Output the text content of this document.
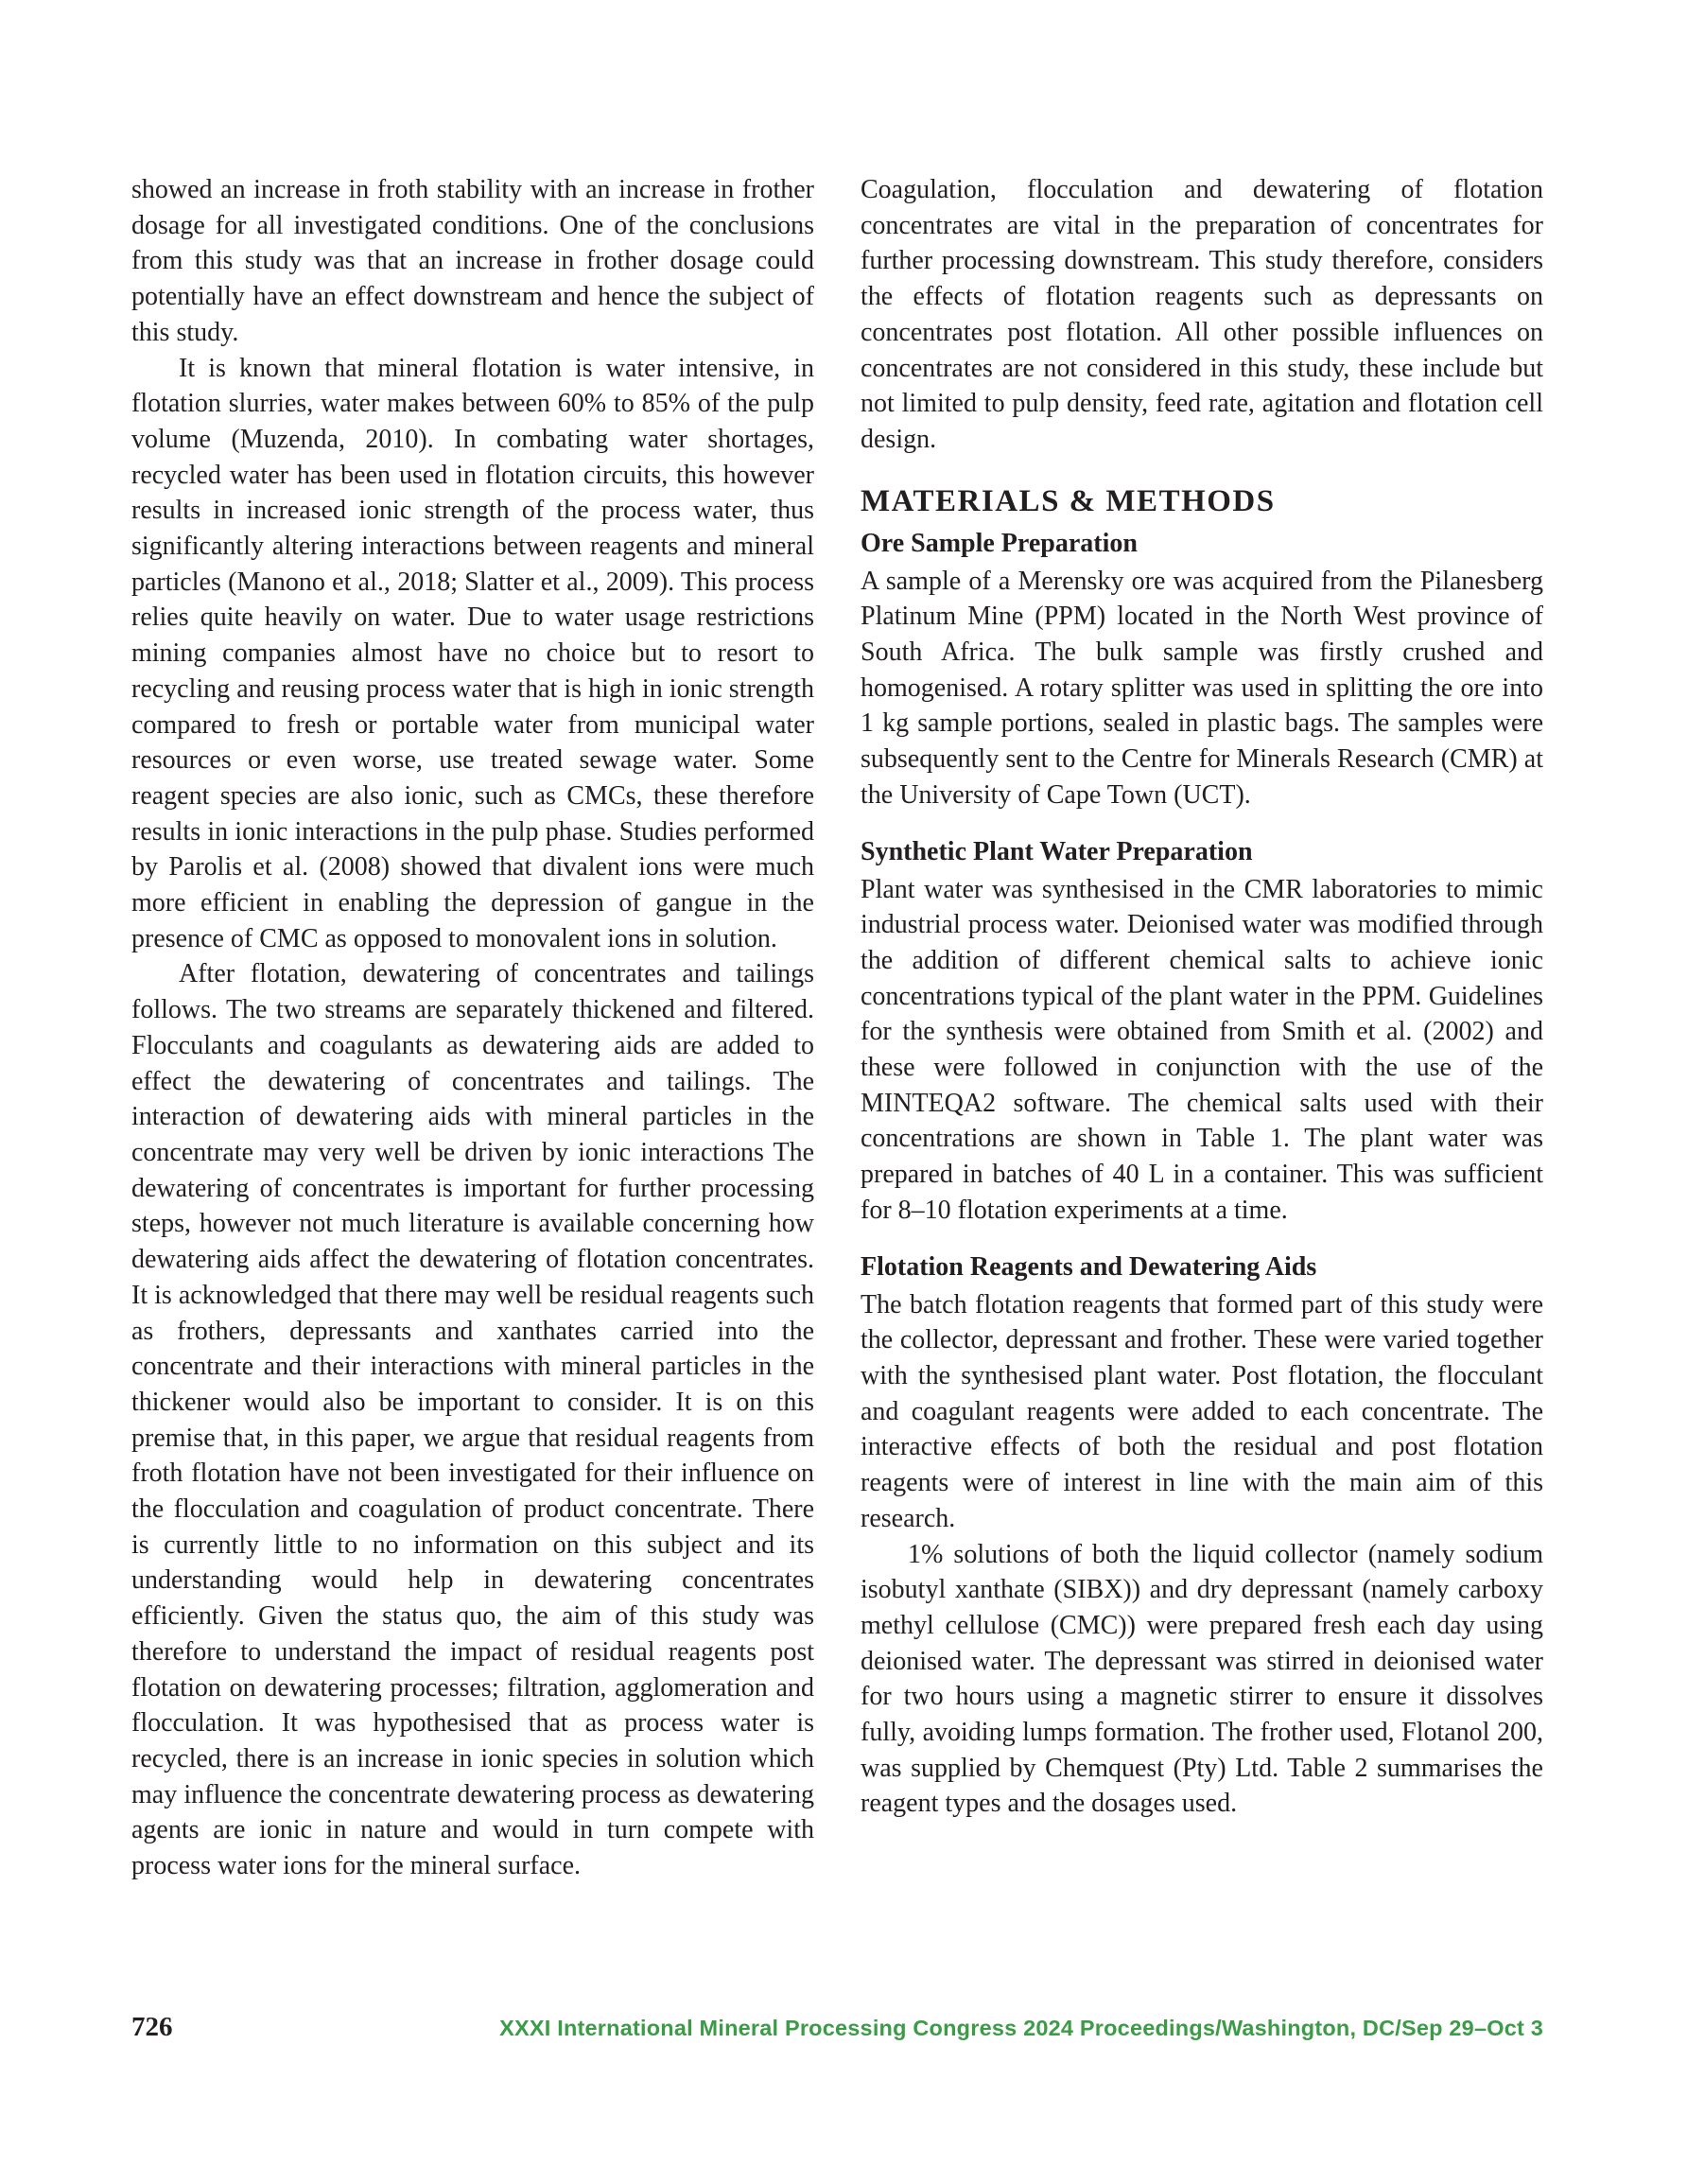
showed an increase in froth stability with an increase in frother dosage for all investigated conditions. One of the conclusions from this study was that an increase in frother dosage could potentially have an effect downstream and hence the subject of this study.

It is known that mineral flotation is water intensive, in flotation slurries, water makes between 60% to 85% of the pulp volume (Muzenda, 2010). In combating water shortages, recycled water has been used in flotation circuits, this however results in increased ionic strength of the process water, thus significantly altering interactions between reagents and mineral particles (Manono et al., 2018; Slatter et al., 2009). This process relies quite heavily on water. Due to water usage restrictions mining companies almost have no choice but to resort to recycling and reusing process water that is high in ionic strength compared to fresh or portable water from municipal water resources or even worse, use treated sewage water. Some reagent species are also ionic, such as CMCs, these therefore results in ionic interactions in the pulp phase. Studies performed by Parolis et al. (2008) showed that divalent ions were much more efficient in enabling the depression of gangue in the presence of CMC as opposed to monovalent ions in solution.

After flotation, dewatering of concentrates and tailings follows. The two streams are separately thickened and filtered. Flocculants and coagulants as dewatering aids are added to effect the dewatering of concentrates and tailings. The interaction of dewatering aids with mineral particles in the concentrate may very well be driven by ionic interactions The dewatering of concentrates is important for further processing steps, however not much literature is available concerning how dewatering aids affect the dewatering of flotation concentrates. It is acknowledged that there may well be residual reagents such as frothers, depressants and xanthates carried into the concentrate and their interactions with mineral particles in the thickener would also be important to consider. It is on this premise that, in this paper, we argue that residual reagents from froth flotation have not been investigated for their influence on the flocculation and coagulation of product concentrate. There is currently little to no information on this subject and its understanding would help in dewatering concentrates efficiently. Given the status quo, the aim of this study was therefore to understand the impact of residual reagents post flotation on dewatering processes; filtration, agglomeration and flocculation. It was hypothesised that as process water is recycled, there is an increase in ionic species in solution which may influence the concentrate dewatering process as dewatering agents are ionic in nature and would in turn compete with process water ions for the mineral surface.

Coagulation, flocculation and dewatering of flotation concentrates are vital in the preparation of concentrates for further processing downstream. This study therefore, considers the effects of flotation reagents such as depressants on concentrates post flotation. All other possible influences on concentrates are not considered in this study, these include but not limited to pulp density, feed rate, agitation and flotation cell design.

MATERIALS & METHODS
Ore Sample Preparation

A sample of a Merensky ore was acquired from the Pilanesberg Platinum Mine (PPM) located in the North West province of South Africa. The bulk sample was firstly crushed and homogenised. A rotary splitter was used in splitting the ore into 1 kg sample portions, sealed in plastic bags. The samples were subsequently sent to the Centre for Minerals Research (CMR) at the University of Cape Town (UCT).

Synthetic Plant Water Preparation

Plant water was synthesised in the CMR laboratories to mimic industrial process water. Deionised water was modified through the addition of different chemical salts to achieve ionic concentrations typical of the plant water in the PPM. Guidelines for the synthesis were obtained from Smith et al. (2002) and these were followed in conjunction with the use of the MINTEQA2 software. The chemical salts used with their concentrations are shown in Table 1. The plant water was prepared in batches of 40 L in a container. This was sufficient for 8–10 flotation experiments at a time.

Flotation Reagents and Dewatering Aids

The batch flotation reagents that formed part of this study were the collector, depressant and frother. These were varied together with the synthesised plant water. Post flotation, the flocculant and coagulant reagents were added to each concentrate. The interactive effects of both the residual and post flotation reagents were of interest in line with the main aim of this research.

1% solutions of both the liquid collector (namely sodium isobutyl xanthate (SIBX)) and dry depressant (namely carboxy methyl cellulose (CMC)) were prepared fresh each day using deionised water. The depressant was stirred in deionised water for two hours using a magnetic stirrer to ensure it dissolves fully, avoiding lumps formation. The frother used, Flotanol 200, was supplied by Chemquest (Pty) Ltd. Table 2 summarises the reagent types and the dosages used.

726	XXXI International Mineral Processing Congress 2024 Proceedings/Washington, DC/Sep 29–Oct 3
